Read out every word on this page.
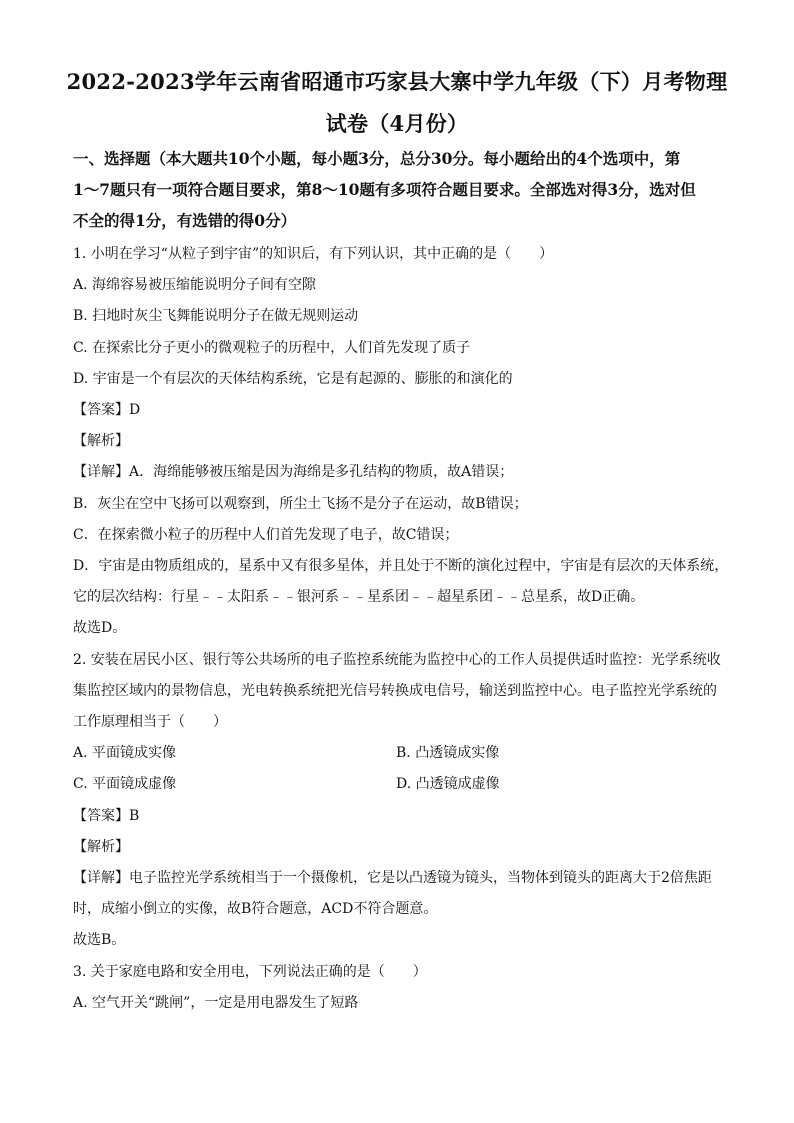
2022-2023学年云南省昭通市巧家县大寨中学九年级（下）月考物理
试卷（4月份）
一、选择题（本大题共10个小题，每小题3分，总分30分。每小题给出的4个选项中，第
1～7题只有一项符合题目要求，第8～10题有多项符合题目要求。全部选对得3分，选对但
不全的得1分，有选错的得0分）
1. 小明在学习“从粒子到宇宙”的知识后，有下列认识，其中正确的是（　　）
A. 海绵容易被压缩能说明分子间有空隙
B. 扫地时灰尘飞舞能说明分子在做无规则运动
C. 在探索比分子更小的微观粒子的历程中，人们首先发现了质子
D. 宇宙是一个有层次的天体结构系统，它是有起源的、膨胀的和演化的
【答案】D
【解析】
【详解】A．海绵能够被压缩是因为海绵是多孔结构的物质，故A错误；
B．灰尘在空中飞扬可以观察到，所尘土飞扬不是分子在运动，故B错误；
C．在探索微小粒子的历程中人们首先发现了电子，故C错误；
D．宇宙是由物质组成的，星系中又有很多星体，并且处于不断的演化过程中，宇宙是有层次的天体系统，
它的层次结构：行星﹣﹣太阳系﹣﹣银河系﹣﹣星系团﹣﹣超星系团﹣﹣总星系，故D正确。
故选D。
2. 安装在居民小区、银行等公共场所的电子监控系统能为监控中心的工作人员提供适时监控：光学系统收
集监控区域内的景物信息，光电转换系统把光信号转换成电信号，输送到监控中心。电子监控光学系统的
工作原理相当于（　　）
A. 平面镜成实像	B. 凸透镜成实像
C. 平面镜成虚像	D. 凸透镜成虚像
【答案】B
【解析】
【详解】电子监控光学系统相当于一个摄像机，它是以凸透镜为镜头，当物体到镜头的距离大于2倍焦距
时，成缩小倒立的实像，故B符合题意，ACD不符合题意。
故选B。
3. 关于家庭电路和安全用电，下列说法正确的是（　　）
A. 空气开关“跳闸”，一定是用电器发生了短路
